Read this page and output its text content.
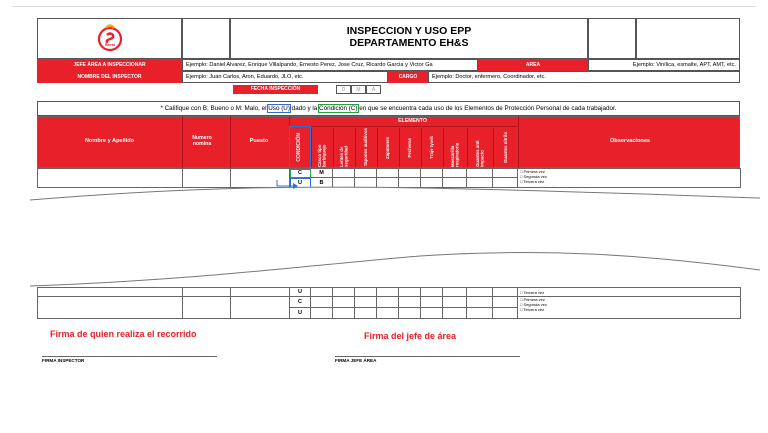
Beral
INSPECCION Y USO EPP
DEPARTAMENTO EH&S
JEFE ÁREA A INSPECCIONAR	Ejemplo: Daniel Alvarez, Enrique Villalpando, Ernesto Perez, Jose Cruz, Ricardo Garcia y Victor Ga	AREA	Ejemplo: Vinílica, esmalte, APT, AMT, etc.
NOMBRE DEL INSPECTOR	Ejemplo: Juan Carlos, Aron, Eduardo, JLO, etc.	CARGO	Ejemplo: Doctor, enfermero, Coordinador, etc.
FECHA INSPECCIÓN	D	M	A
* Califique con B: Bueno o M: Malo, el Uso (U) dado y la Condición (C) en que se encuentra cada uso de los Elementos de Protección Personal de cada trabajador.
Nombre y Apellido	Numero nomina	Puesto
ELEMENTO
Observaciones
CONDICIÓN	Casco tipo barbiquejo	Lentes de seguridad	Tapones auditivos	Zapatones	Pecheras	Traje tyvek	Mascarilla respiratoria	Guantes anti impacto	Guantes nitrilo
			C	M									□ Primera vez
□ Segunda vez
□ Tercera vez

			U	B									
			U										□ Tercera vez

			C										□ Primera vez
□ Segunda vez
□ Tercera vez

			U										
Firma de quien realiza el recorrido	Firma del jefe de área
FIRMA INSPECTOR	FIRMA JEFE ÁREA
